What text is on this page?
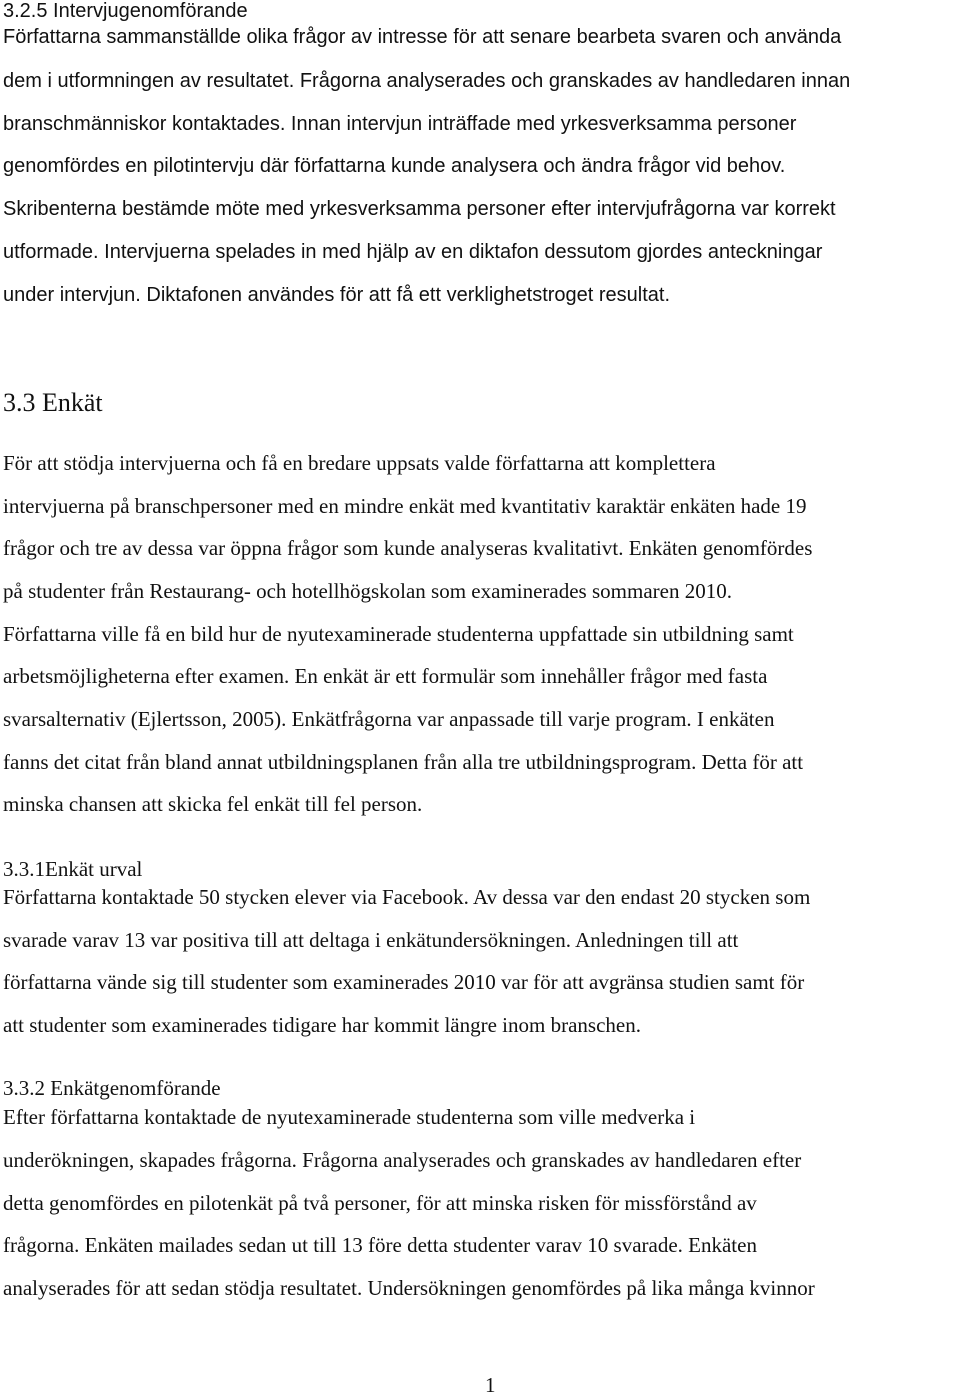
3.2.5 Intervjugenomförande
Författarna sammanställde olika frågor av intresse för att senare bearbeta svaren och använda
dem i utformningen av resultatet. Frågorna analyserades och granskades av handledaren innan
branschmänniskor kontaktades. Innan intervjun inträffade med yrkesverksamma personer
genomfördes en pilotintervju där författarna kunde analysera och ändra frågor vid behov.
Skribenterna bestämde möte med yrkesverksamma personer efter intervjufrågorna var korrekt
utformade. Intervjuerna spelades in med hjälp av en diktafon dessutom gjordes anteckningar
under intervjun. Diktafonen användes för att få ett verklighetstroget resultat.
3.3 Enkät
För att stödja intervjuerna och få en bredare uppsats valde författarna att komplettera
intervjuerna på branschpersoner med en mindre enkät med kvantitativ karaktär enkäten hade 19
frågor och tre av dessa var öppna frågor som kunde analyseras kvalitativt. Enkäten genomfördes
på studenter från Restaurang- och hotellhögskolan som examinerades sommaren 2010.
Författarna ville få en bild hur de nyutexaminerade studenterna uppfattade sin utbildning samt
arbetsmöjligheterna efter examen. En enkät är ett formulär som innehåller frågor med fasta
svarsalternativ (Ejlertsson, 2005). Enkätfrågorna var anpassade till varje program. I enkäten
fanns det citat från bland annat utbildningsplanen från alla tre utbildningsprogram. Detta för att
minska chansen att skicka fel enkät till fel person.
3.3.1Enkät urval
Författarna kontaktade 50 stycken elever via Facebook. Av dessa var den endast 20 stycken som
svarade varav 13 var positiva till att deltaga i enkätundersökningen. Anledningen till att
författarna vände sig till studenter som examinerades 2010 var för att avgränsa studien samt för
att studenter som examinerades tidigare har kommit längre inom branschen.
3.3.2 Enkätgenomförande
Efter författarna kontaktade de nyutexaminerade studenterna som ville medverka i
underökningen, skapades frågorna. Frågorna analyserades och granskades av handledaren efter
detta genomfördes en pilotenkät på två personer, för att minska risken för missförstånd av
frågorna. Enkäten mailades sedan ut till 13 före detta studenter varav 10 svarade. Enkäten
analyserades för att sedan stödja resultatet. Undersökningen genomfördes på lika många kvinnor
1
